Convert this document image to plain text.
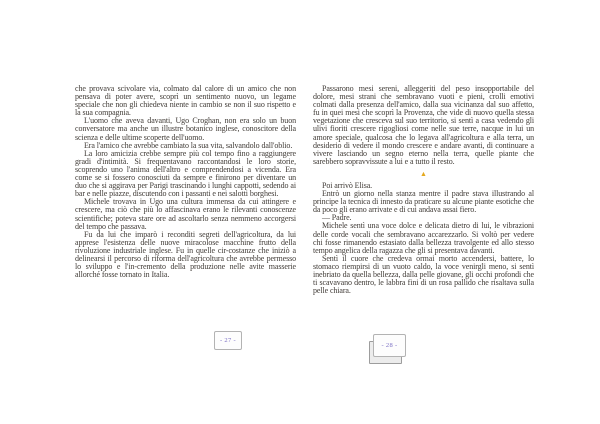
che provava scivolare via, colmato dal calore di un amico che non pensava di poter avere, scoprì un sentimento nuovo, un legame speciale che non gli chiedeva niente in cambio se non il suo rispetto e la sua compagnia.

L'uomo che aveva davanti, Ugo Croghan, non era solo un buon conversatore ma anche un illustre botanico inglese, conoscitore della scienza e delle ultime scoperte dell'uomo.

Era l'amico che avrebbe cambiato la sua vita, salvandolo dall'oblio.

La loro amicizia crebbe sempre più col tempo fino a raggiungere gradi d'intimità. Si frequentavano raccontandosi le loro storie, scoprendo uno l'anima dell'altro e comprendendosi a vicenda. Era come se si fossero conosciuti da sempre e finirono per diventare un duo che si aggirava per Parigi trascinando i lunghi cappotti, sedendo ai bar e nelle piazze, discutendo con i passanti e nei salotti borghesi.

Michele trovava in Ugo una cultura immensa da cui attingere e crescere, ma ciò che più lo affascinava erano le rilevanti conoscenze scientifiche; poteva stare ore ad ascoltarlo senza nemmeno accorgersi del tempo che passava.

Fu da lui che imparò i reconditi segreti dell'agricoltura, da lui apprese l'esistenza delle nuove miracolose macchine frutto della rivoluzione industriale inglese. Fu in quelle cir-costanze che iniziò a delinearsi il percorso di riforma dell'agricoltura che avrebbe permesso lo sviluppo e l'in-cremento della produzione nelle avite masserie allorché fosse tornato in Italia.

- 27 -

Passarono mesi sereni, alleggeriti del peso insopportabile del dolore, mesi strani che sembravano vuoti e pieni, crolli emotivi colmati dalla presenza dell'amico, dalla sua vicinanza dal suo affetto, fu in quei mesi che scoprì la Provenza, che vide di nuovo quella stessa vegetazione che cresceva sul suo territorio, si sentì a casa vedendo gli ulivi fioriti crescere rigogliosi come nelle sue terre, nacque in lui un amore speciale, qualcosa che lo legava all'agricoltura e alla terra, un desiderio di vedere il mondo crescere e andare avanti, di continuare a vivere lasciando un segno eterno nella terra, quelle piante che sarebbero sopravvissute a lui e a tutto il resto.

▲

Poi arrivò Elisa.

Entrò un giorno nella stanza mentre il padre stava illustrando al principe la tecnica di innesto da praticare su alcune piante esotiche che da poco gli erano arrivate e di cui andava assai fiero.

— Padre.

Michele sentì una voce dolce e delicata dietro di lui, le vibrazioni delle corde vocali che sembravano accarezzarlo. Si voltò per vedere chi fosse rimanendo estasiato dalla bellezza travolgente ed allo stesso tempo angelica della ragazza che gli si presentava davanti.

Sentì il cuore che credeva ormai morto accendersi, battere, lo stomaco riempirsi di un vuoto caldo, la voce venirgli meno, si sentì inebriato da quella bellezza, dalla pelle giovane, gli occhi profondi che ti scavavano dentro, le labbra fini di un rosa pallido che risaltava sulla pelle chiara.

- 28 -
